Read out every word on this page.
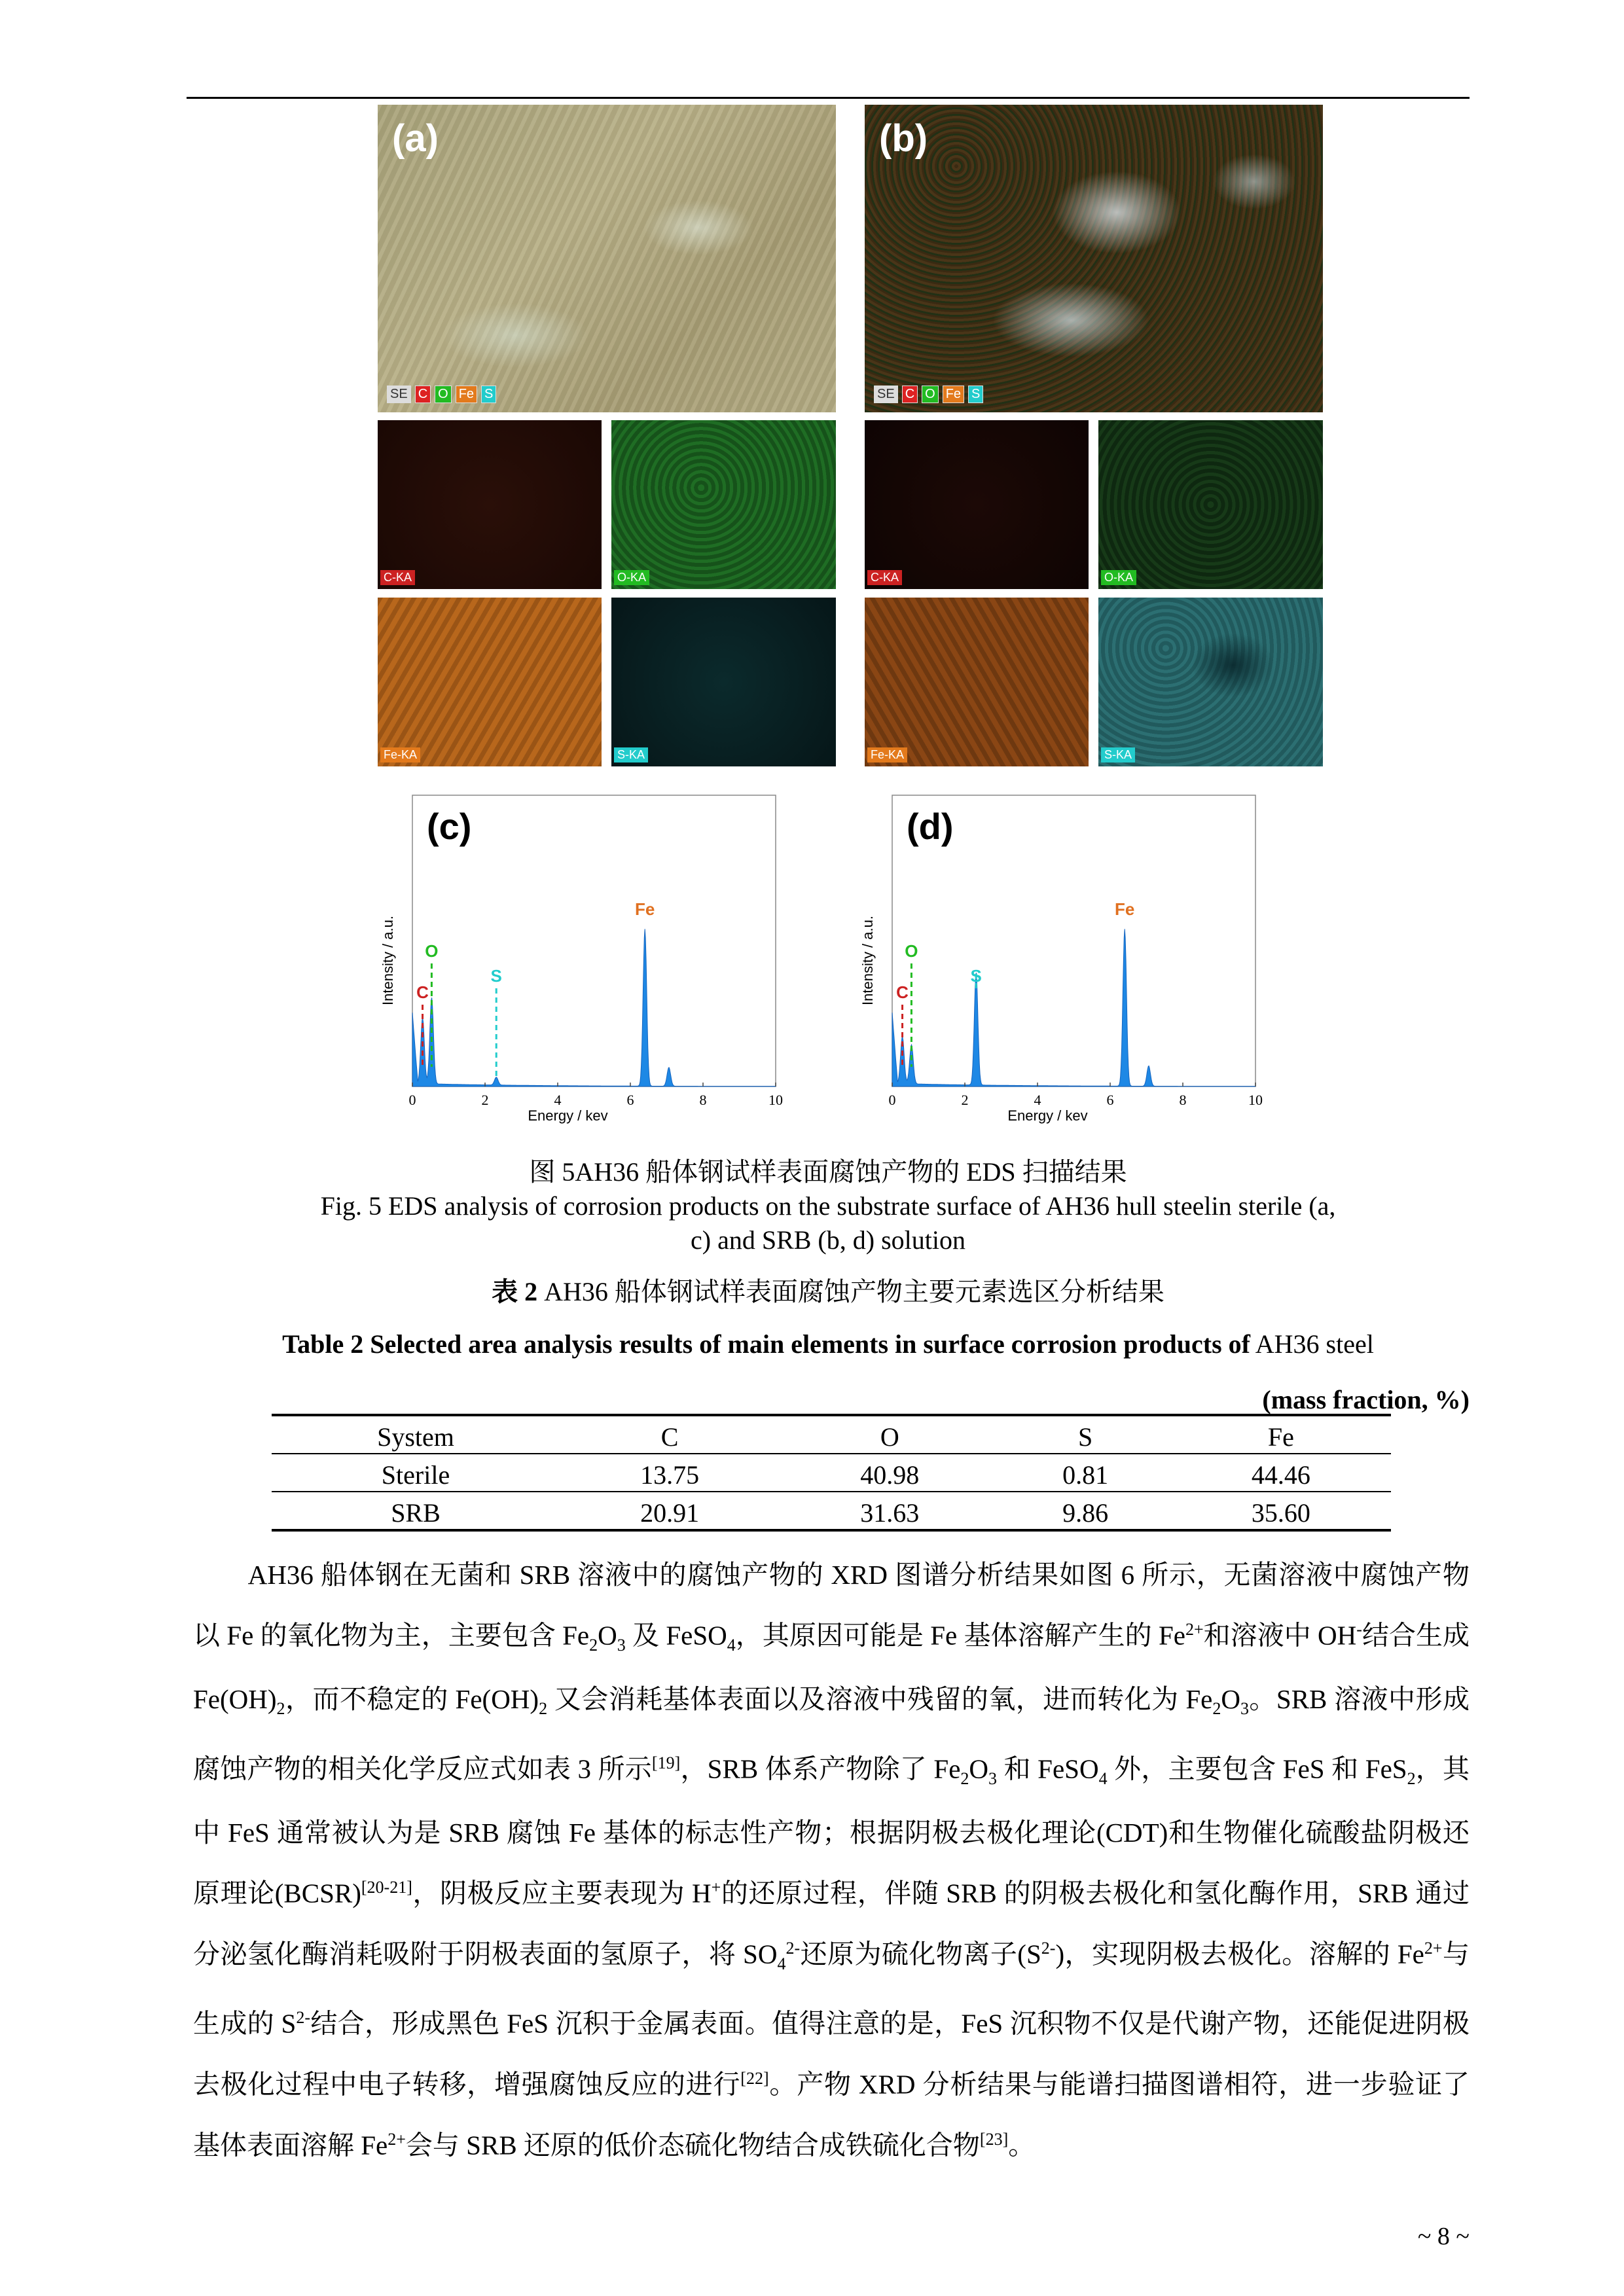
(a)
SE C O Fe S
C-KA	O-KA
Fe-KA	S-KA
(b)
SE C O Fe S
C-KA	O-KA
Fe-KA	S-KA
C
O
S
Fe
0	2	4	6	8	10
Energy / kev
Intensity / a.u.
(c)
C
O
S
Fe
0	2	4	6	8	10
Energy / kev
Intensity / a.u.
(d)
图 5AH36 船体钢试样表面腐蚀产物的 EDS 扫描结果
Fig. 5 EDS analysis of corrosion products on the substrate surface of AH36 hull steelin sterile (a,
c) and SRB (b, d) solution
表 2 AH36 船体钢试样表面腐蚀产物主要元素选区分析结果
Table 2 Selected area analysis results of main elements in surface corrosion products of AH36 steel
(mass fraction, %)
System	C	O	S	Fe
Sterile	13.75	40.98	0.81	44.46
SRB	20.91	31.63	9.86	35.60

　　AH36 船体钢在无菌和 SRB 溶液中的腐蚀产物的 XRD 图谱分析结果如图 6 所示，无菌溶液中腐蚀产物以 Fe 的氧化物为主，主要包含 $Fe_2O_3$ 及 FeSO$_4$，其原因可能是 Fe 基体溶解产生的 $Fe^{2+}$和溶液中 OH-结合生成 $Fe(OH)_2$，而不稳定的 $Fe(OH)_2$ 又会消耗基体表面以及溶液中残留的氧，进而转化为 $Fe_2O_3$。SRB 溶液中形成腐蚀产物的相关化学反应式如表 3 所示[19]，SRB 体系产物除了 $Fe_2O_3$ 和 FeSO$_4$ 外，主要包含 FeS 和 FeS$_2$，其中 FeS 通常被认为是 SRB 腐蚀 Fe 基体的标志性产物；根据阴极去极化理论(CDT)和生物催化硫酸盐阴极还原理论(BCSR)[20-21]，阴极反应主要表现为 H+的还原过程，伴随 SRB 的阴极去极化和氢化酶作用，SRB 通过分泌氢化酶消耗吸附于阴极表面的氢原子，将 $SO_4^{2-}$还原为硫化物离子$(S^{2-})$，实现阴极去极化。溶解的 $Fe^{2+}$与生成的 $S^{2-}$结合，形成黑色 FeS 沉积于金属表面。值得注意的是，FeS 沉积物不仅是代谢产物，还能促进阴极去极化过程中电子转移，增强腐蚀反应的进行[22]。产物 XRD 分析结果与能谱扫描图谱相符，进一步验证了基体表面溶解 $Fe^{2+}$会与 SRB 还原的低价态硫化物结合成铁硫化合物[23]。

~ 8 ~
